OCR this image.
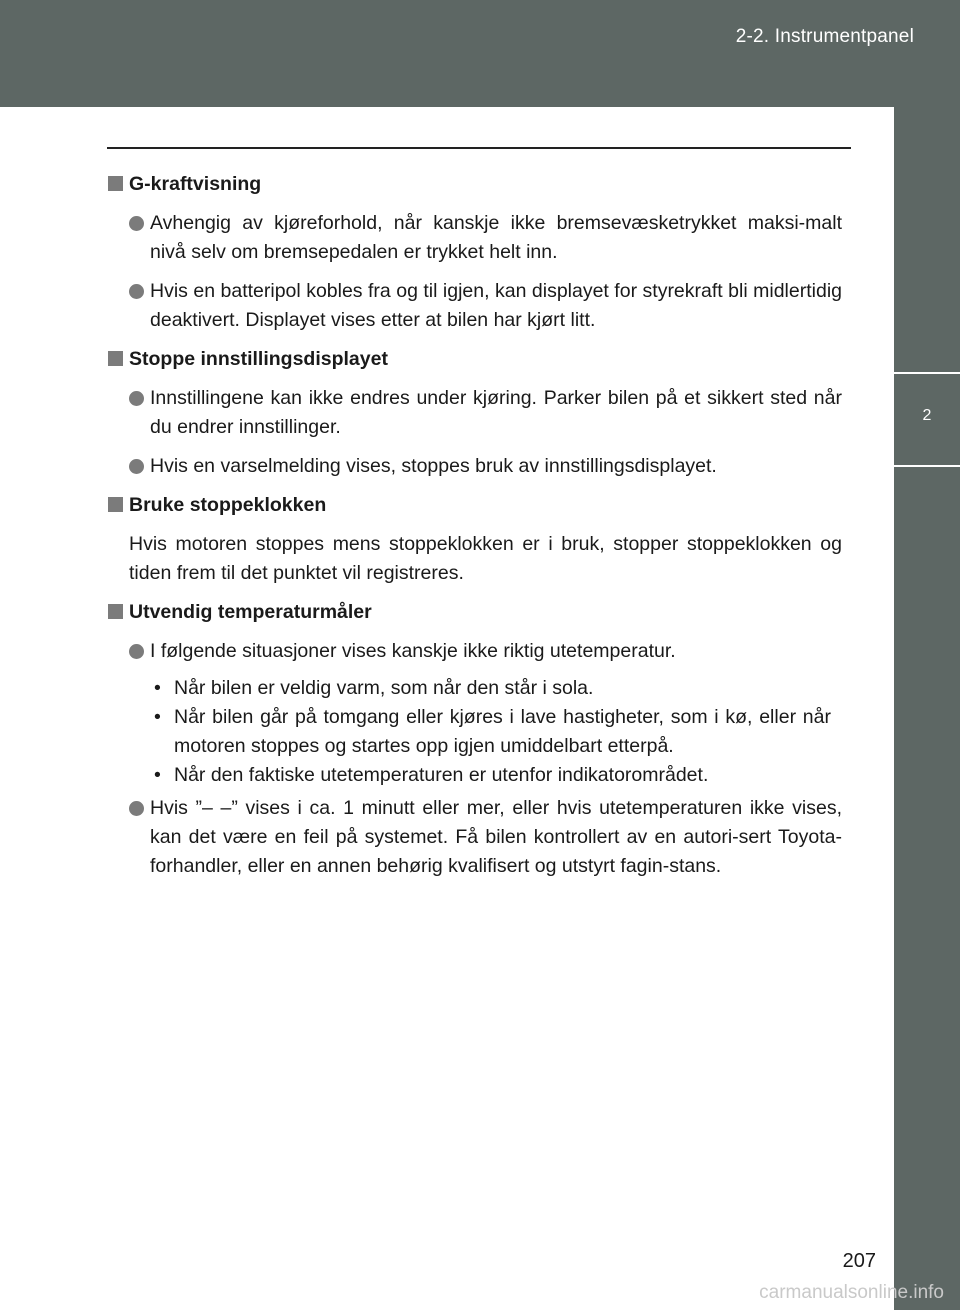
2-2. Instrumentpanel
2
Når du kjører
G-kraftvisning
Avhengig av kjøreforhold, når kanskje ikke bremsevæsketrykket maksi-malt nivå selv om bremsepedalen er trykket helt inn.
Hvis en batteripol kobles fra og til igjen, kan displayet for styrekraft bli midlertidig deaktivert. Displayet vises etter at bilen har kjørt litt.
Stoppe innstillingsdisplayet
Innstillingene kan ikke endres under kjøring. Parker bilen på et sikkert sted når du endrer innstillinger.
Hvis en varselmelding vises, stoppes bruk av innstillingsdisplayet.
Bruke stoppeklokken
Hvis motoren stoppes mens stoppeklokken er i bruk, stopper stoppeklokken og tiden frem til det punktet vil registreres.
Utvendig temperaturmåler
I følgende situasjoner vises kanskje ikke riktig utetemperatur.
• Når bilen er veldig varm, som når den står i sola.
• Når bilen går på tomgang eller kjøres i lave hastigheter, som i kø, eller når motoren stoppes og startes opp igjen umiddelbart etterpå.
• Når den faktiske utetemperaturen er utenfor indikatorområdet.
Hvis ”– –” vises i ca. 1 minutt eller mer, eller hvis utetemperaturen ikke vises, kan det være en feil på systemet. Få bilen kontrollert av en autori-sert Toyota-forhandler, eller en annen behørig kvalifisert og utstyrt fagin-stans.
207
carmanualsonline.info
